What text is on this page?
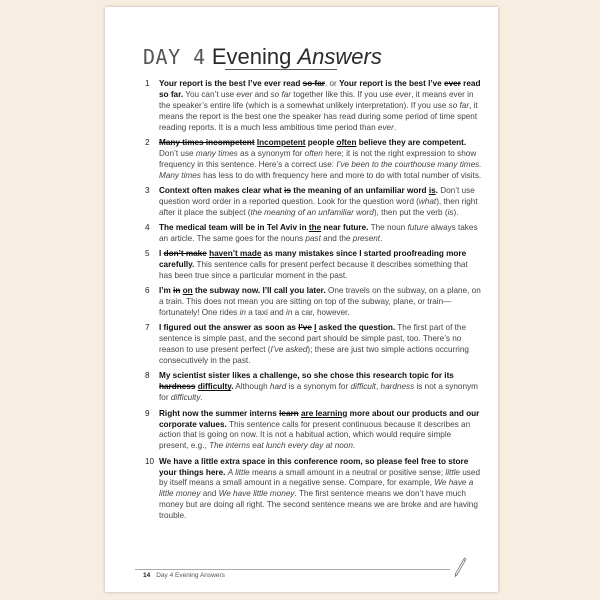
DAY 4 Evening Answers
1	Your report is the best I’ve ever read so far. or Your report is the best I’ve ever read so far. You can’t use ever and so far together like this. If you use ever, it means ever in the speaker’s entire life (which is a somewhat unlikely interpretation). If you use so far, it means the report is the best one the speaker has read during some period of time spent reading reports. It is a much less ambitious time period than ever.
2	Many times incompetent Incompetent people often believe they are competent. Don’t use many times as a synonym for often here; it is not the right expression to show frequency in this sentence. Here’s a correct use: I’ve been to the courthouse many times. Many times has less to do with frequency here and more to do with total number of visits.
3	Context often makes clear what is the meaning of an unfamiliar word is. Don’t use question word order in a reported question. Look for the question word (what), then right after it place the subject (the meaning of an unfamiliar word), then put the verb (is).
4	The medical team will be in Tel Aviv in the near future. The noun future always takes an article. The same goes for the nouns past and the present.
5	I don’t make haven’t made as many mistakes since I started proofreading more carefully. This sentence calls for present perfect because it describes something that has been true since a particular moment in the past.
6	I’m in on the subway now. I’ll call you later. One travels on the subway, on a plane, on a train. This does not mean you are sitting on top of the subway, plane, or train—fortunately! One rides in a taxi and in a car, however.
7	I figured out the answer as soon as I’ve I asked the question. The first part of the sentence is simple past, and the second part should be simple past, too. There’s no reason to use present perfect (I’ve asked); these are just two simple actions occurring consecutively in the past.
8	My scientist sister likes a challenge, so she chose this research topic for its hardness difficulty. Although hard is a synonym for difficult, hardness is not a synonym for difficulty.
9	Right now the summer interns learn are learning more about our products and our corporate values. This sentence calls for present continuous because it describes an action that is going on now. It is not a habitual action, which would require simple present, e.g., The interns eat lunch every day at noon.
10 We have a little extra space in this conference room, so please feel free to store your things here. A little means a small amount in a neutral or positive sense; little used by itself means a small amount in a negative sense. Compare, for example, We have a little money and We have little money. The first sentence means we don’t have much money but are doing all right. The second sentence means we are broke and are having trouble.
14 Day 4 Evening Answers
